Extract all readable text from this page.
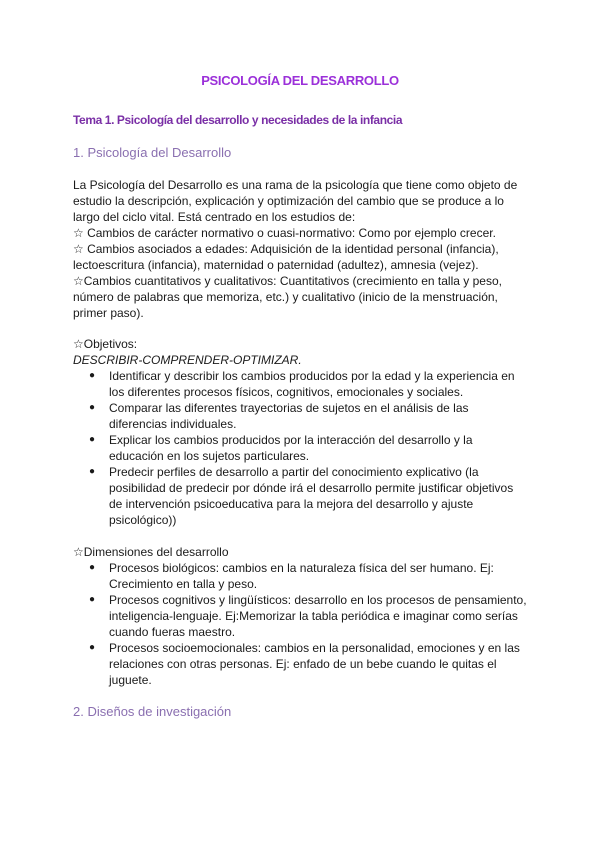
PSICOLOGÍA DEL DESARROLLO
Tema 1. Psicología del desarrollo y necesidades de la infancia
1. Psicología del Desarrollo

La Psicología del Desarrollo es una rama de la psicología que tiene como objeto de estudio la descripción, explicación y optimización del cambio que se produce a lo largo del ciclo vital. Está centrado en los estudios de:

☆ Cambios de carácter normativo o cuasi-normativo: Como por ejemplo crecer.

☆ Cambios asociados a edades: Adquisición de la identidad personal (infancia), lectoescritura (infancia), maternidad o paternidad (adultez), amnesia (vejez).

☆Cambios cuantitativos y cualitativos: Cuantitativos (crecimiento en talla y peso, número de palabras que memoriza, etc.) y cualitativo (inicio de la menstruación, primer paso).

☆Objetivos:

DESCRIBIR-COMPRENDER-OPTIMIZAR.

● Identificar y describir los cambios producidos por la edad y la experiencia en los diferentes procesos físicos, cognitivos, emocionales y sociales.
● Comparar las diferentes trayectorias de sujetos en el análisis de las diferencias individuales.
● Explicar los cambios producidos por la interacción del desarrollo y la educación en los sujetos particulares.
● Predecir perfiles de desarrollo a partir del conocimiento explicativo (la posibilidad de predecir por dónde irá el desarrollo permite justificar objetivos de intervención psicoeducativa para la mejora del desarrollo y ajuste psicológico))

☆Dimensiones del desarrollo

● Procesos biológicos: cambios en la naturaleza física del ser humano. Ej: Crecimiento en talla y peso.
● Procesos cognitivos y lingüísticos: desarrollo en los procesos de pensamiento, inteligencia-lenguaje. Ej:Memorizar la tabla periódica e imaginar como serías cuando fueras maestro.
● Procesos socioemocionales: cambios en la personalidad, emociones y en las relaciones con otras personas. Ej: enfado de un bebe cuando le quitas el juguete.
2. Diseños de investigación
